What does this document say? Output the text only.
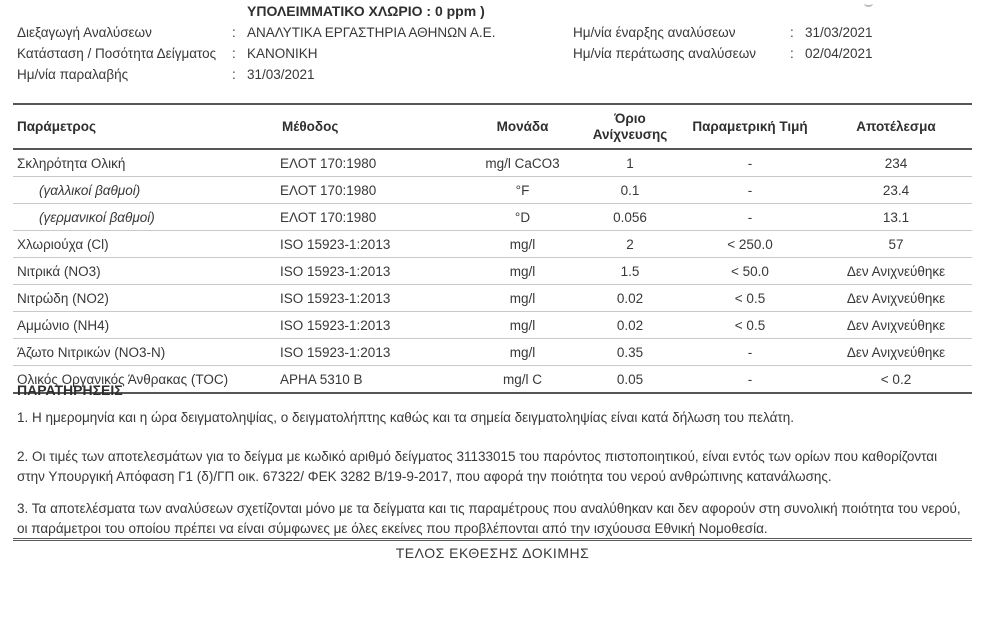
ΥΠΟΛΕΙΜΜΑΤΙΚΟ ΧΛΩΡΙΟ : 0 ppm )
Διεξαγωγή Αναλύσεων	: ΑΝΑΛΥΤΙΚΑ ΕΡΓΑΣΤΗΡΙΑ ΑΘΗΝΩΝ Α.Ε.
Κατάσταση / Ποσότητα Δείγματος	: ΚΑΝΟΝΙΚΗ
Ημ/νία παραλαβής	: 31/03/2021
Ημ/νία έναρξης αναλύσεων	: 31/03/2021
Ημ/νία περάτωσης αναλύσεων	: 02/04/2021
Παράμετρος	Μέθοδος	Μονάδα	Όριο Ανίχνευσης	Παραμετρική Τιμή	Αποτέλεσμα
Σκληρότητα Ολική	ΕΛΟΤ 170:1980	mg/l CaCO3	1	-	234
(γαλλικοί βαθμοί)	ΕΛΟΤ 170:1980	°F	0.1	-	23.4
(γερμανικοί βαθμοί)	ΕΛΟΤ 170:1980	°D	0.056	-	13.1
Χλωριούχα (Cl)	ISO 15923-1:2013	mg/l	2	< 250.0	57
Νιτρικά (NO3)	ISO 15923-1:2013	mg/l	1.5	< 50.0	Δεν Ανιχνεύθηκε
Νιτρώδη (NO2)	ISO 15923-1:2013	mg/l	0.02	< 0.5	Δεν Ανιχνεύθηκε
Αμμώνιο (NH4)	ISO 15923-1:2013	mg/l	0.02	< 0.5	Δεν Ανιχνεύθηκε
Άζωτο Νιτρικών (NO3-N)	ISO 15923-1:2013	mg/l	0.35	-	Δεν Ανιχνεύθηκε
Ολικός Οργανικός Άνθρακας (TOC)	APHA 5310 B	mg/l C	0.05	-	< 0.2
ΠΑΡΑΤΗΡΗΣΕΙΣ
1. Η ημερομηνία και η ώρα δειγματοληψίας, ο δειγματολήπτης καθώς και τα σημεία δειγματοληψίας είναι κατά δήλωση του πελάτη.
2. Οι τιμές των αποτελεσμάτων για το δείγμα με κωδικό αριθμό δείγματος 31133015 του παρόντος πιστοποιητικού, είναι εντός των ορίων που καθορίζονται στην Υπουργική Απόφαση Γ1 (δ)/ΓΠ οικ. 67322/ ΦΕΚ 3282 Β/19-9-2017, που αφορά την ποιότητα του νερού ανθρώπινης κατανάλωσης.
3. Τα αποτελέσματα των αναλύσεων σχετίζονται μόνο με τα δείγματα και τις παραμέτρους που αναλύθηκαν και δεν αφορούν στη συνολική ποιότητα του νερού, οι παράμετροι του οποίου πρέπει να είναι σύμφωνες με όλες εκείνες που προβλέπονται από την ισχύουσα Εθνική Νομοθεσία.
ΤΕΛΟΣ ΕΚΘΕΣΗΣ ΔΟΚΙΜΗΣ
